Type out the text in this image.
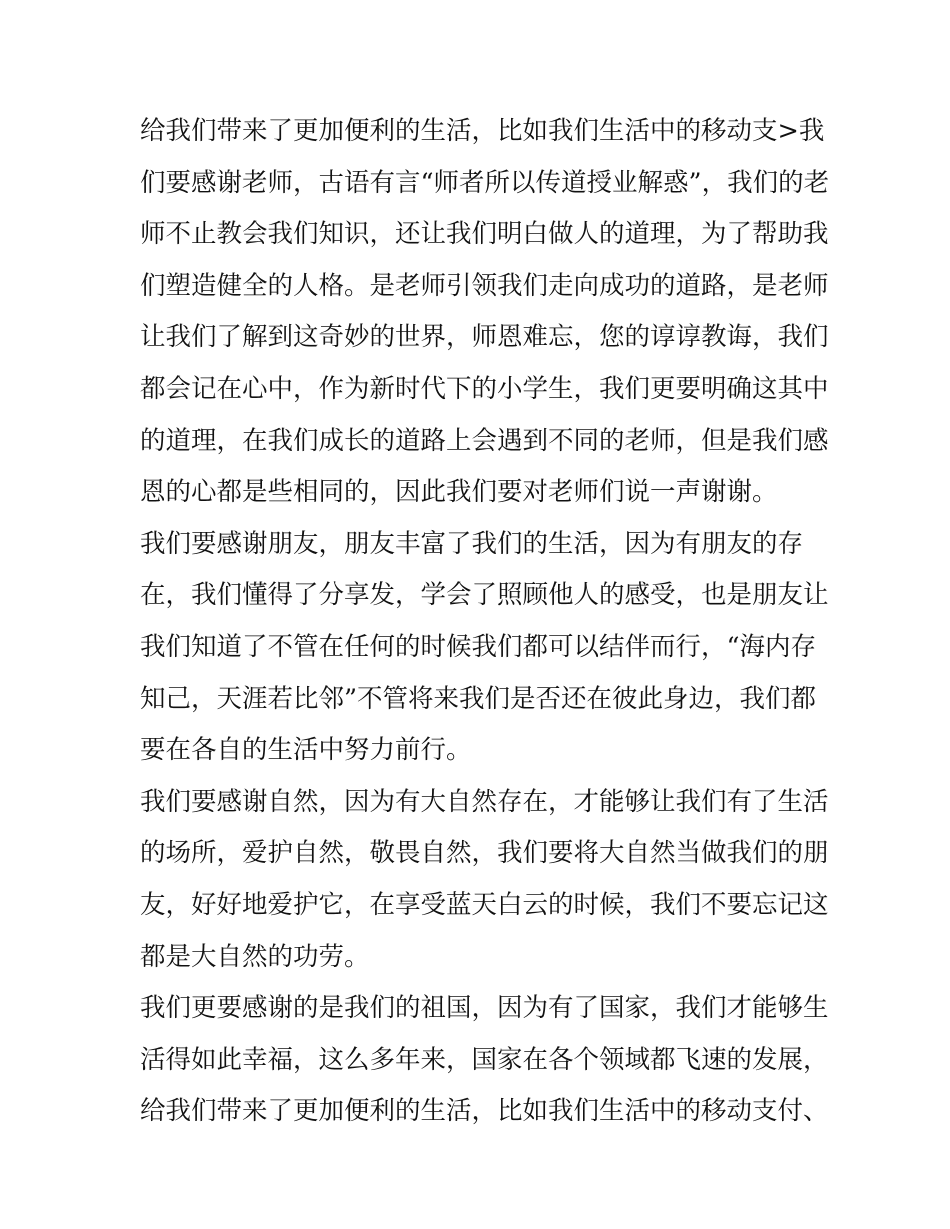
给我们带来了更加便利的生活，比如我们生活中的移动支>我
们要感谢老师，古语有言“师者所以传道授业解惑”，我们的老
师不止教会我们知识，还让我们明白做人的道理，为了帮助我
们塑造健全的人格。是老师引领我们走向成功的道路，是老师
让我们了解到这奇妙的世界，师恩难忘，您的谆谆教诲，我们
都会记在心中，作为新时代下的小学生，我们更要明确这其中
的道理，在我们成长的道路上会遇到不同的老师，但是我们感
恩的心都是些相同的，因此我们要对老师们说一声谢谢。
我们要感谢朋友，朋友丰富了我们的生活，因为有朋友的存
在，我们懂得了分享发，学会了照顾他人的感受，也是朋友让
我们知道了不管在任何的时候我们都可以结伴而行，“海内存
知己，天涯若比邻”不管将来我们是否还在彼此身边，我们都
要在各自的生活中努力前行。
我们要感谢自然，因为有大自然存在，才能够让我们有了生活
的场所，爱护自然，敬畏自然，我们要将大自然当做我们的朋
友，好好地爱护它，在享受蓝天白云的时候，我们不要忘记这
都是大自然的功劳。
我们更要感谢的是我们的祖国，因为有了国家，我们才能够生
活得如此幸福，这么多年来，国家在各个领域都飞速的发展，
给我们带来了更加便利的生活，比如我们生活中的移动支付、
